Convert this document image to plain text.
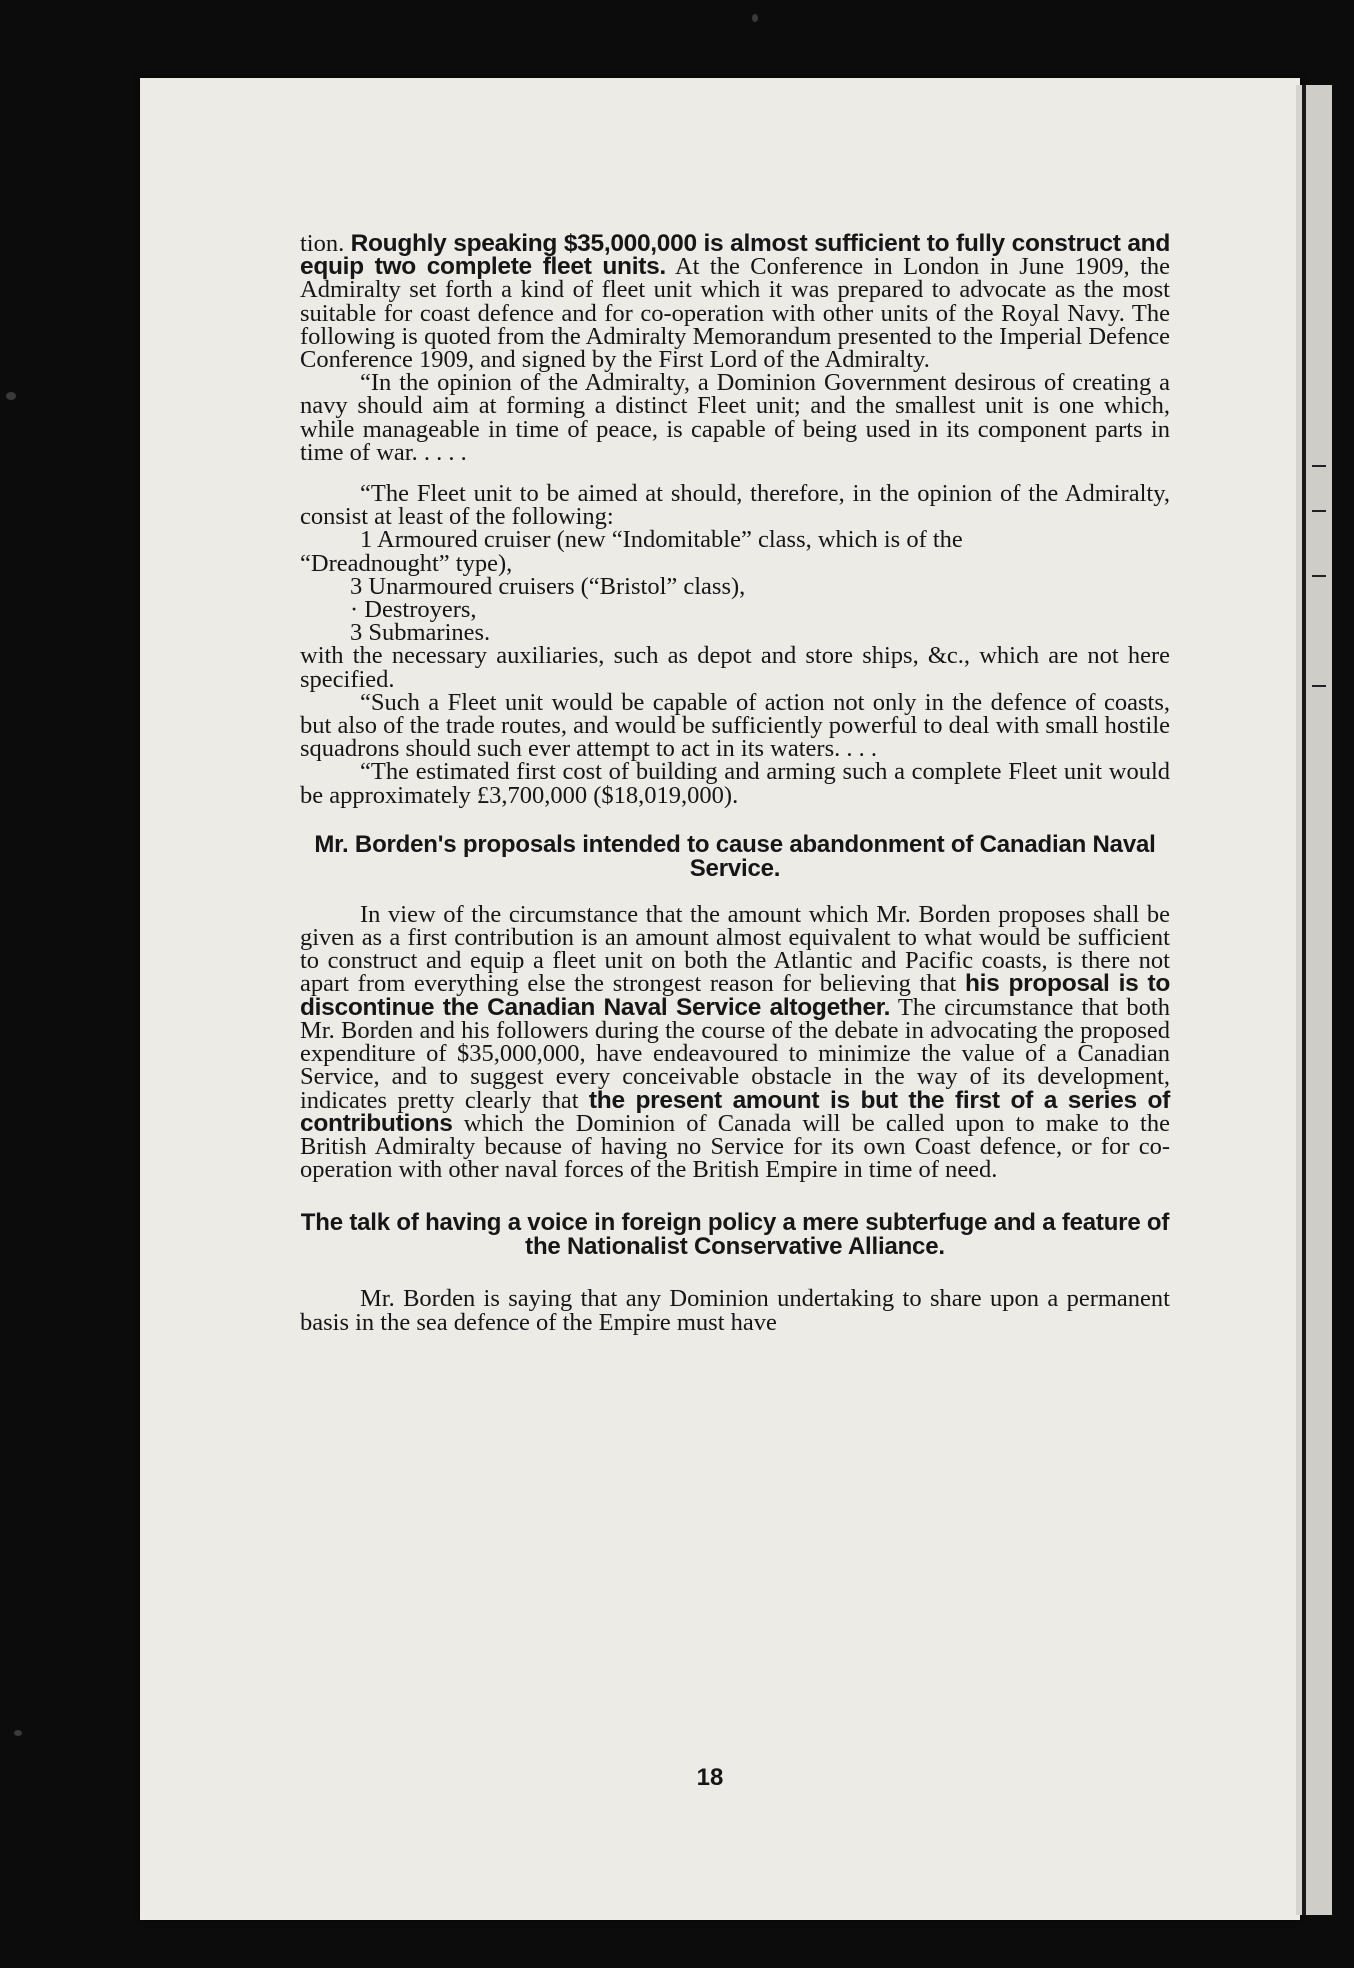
tion. Roughly speaking $35,000,000 is almost sufficient to fully construct and equip two complete fleet units. At the Conference in London in June 1909, the Admiralty set forth a kind of fleet unit which it was prepared to advocate as the most suitable for coast defence and for co-operation with other units of the Royal Navy. The following is quoted from the Admiralty Memorandum presented to the Imperial Defence Conference 1909, and signed by the First Lord of the Admiralty.

“In the opinion of the Admiralty, a Dominion Government desirous of creating a navy should aim at forming a distinct Fleet unit; and the smallest unit is one which, while manageable in time of peace, is capable of being used in its component parts in time of war. . . . .

“The Fleet unit to be aimed at should, therefore, in the opinion of the Admiralty, consist at least of the following:

1 Armoured cruiser (new “Indomitable” class, which is of the
“Dreadnought” type),
3 Unarmoured cruisers (“Bristol” class),
· Destroyers,
3 Submarines.

with the necessary auxiliaries, such as depot and store ships, &c., which are not here specified.

“Such a Fleet unit would be capable of action not only in the defence of coasts, but also of the trade routes, and would be sufficiently powerful to deal with small hostile squadrons should such ever attempt to act in its waters. . . .

“The estimated first cost of building and arming such a complete Fleet unit would be approximately £3,700,000 ($18,019,000).

Mr. Borden's proposals intended to cause abandonment of Canadian Naval Service.

In view of the circumstance that the amount which Mr. Borden proposes shall be given as a first contribution is an amount almost equivalent to what would be sufficient to construct and equip a fleet unit on both the Atlantic and Pacific coasts, is there not apart from everything else the strongest reason for believing that his proposal is to discontinue the Canadian Naval Service altogether. The circumstance that both Mr. Borden and his followers during the course of the debate in advocating the proposed expenditure of $35,000,000, have endeavoured to minimize the value of a Canadian Service, and to suggest every conceivable obstacle in the way of its development, indicates pretty clearly that the present amount is but the first of a series of contributions which the Dominion of Canada will be called upon to make to the British Admiralty because of having no Service for its own Coast defence, or for co-operation with other naval forces of the British Empire in time of need.

The talk of having a voice in foreign policy a mere subterfuge and a feature of the Nationalist Conservative Alliance.

Mr. Borden is saying that any Dominion undertaking to share upon a permanent basis in the sea defence of the Empire must have

18
